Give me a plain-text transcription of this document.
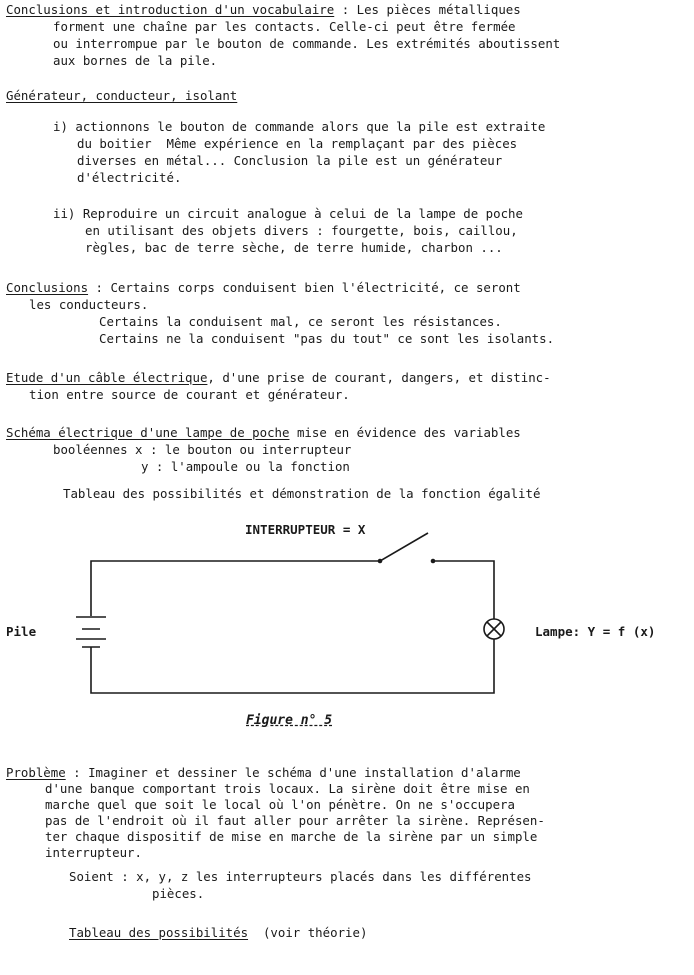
Conclusions et introduction d'un vocabulaire : Les pièces métalliques
forment une chaîne par les contacts. Celle-ci peut être fermée
ou interrompue par le bouton de commande. Les extrémités aboutissent
aux bornes de la pile.
Générateur, conducteur, isolant
i) actionnons le bouton de commande alors que la pile est extraite
du boitier  Même expérience en la remplaçant par des pièces
diverses en métal... Conclusion la pile est un générateur
d'électricité.
ii) Reproduire un circuit analogue à celui de la lampe de poche
en utilisant des objets divers : fourgette, bois, caillou,
règles, bac de terre sèche, de terre humide, charbon ...
Conclusions : Certains corps conduisent bien l'électricité, ce seront
les conducteurs.
Certains la conduisent mal, ce seront les résistances.
Certains ne la conduisent "pas du tout" ce sont les isolants.
Etude d'un câble électrique, d'une prise de courant, dangers, et distinc-
tion entre source de courant et générateur.
Schéma électrique d'une lampe de poche mise en évidence des variables
booléennes x : le bouton ou interrupteur
y : l'ampoule ou la fonction
Tableau des possibilités et démonstration de la fonction égalité
INTERRUPTEUR = X
Pile	Lampe: Y = f (x)
Figure n° 5
Problème : Imaginer et dessiner le schéma d'une installation d'alarme
d'une banque comportant trois locaux. La sirène doit être mise en
marche quel que soit le local où l'on pénètre. On ne s'occupera
pas de l'endroit où il faut aller pour arrêter la sirène. Représen-
ter chaque dispositif de mise en marche de la sirène par un simple
interrupteur.
Soient : x, y, z les interrupteurs placés dans les différentes
pièces.
Tableau des possibilités  (voir théorie)
